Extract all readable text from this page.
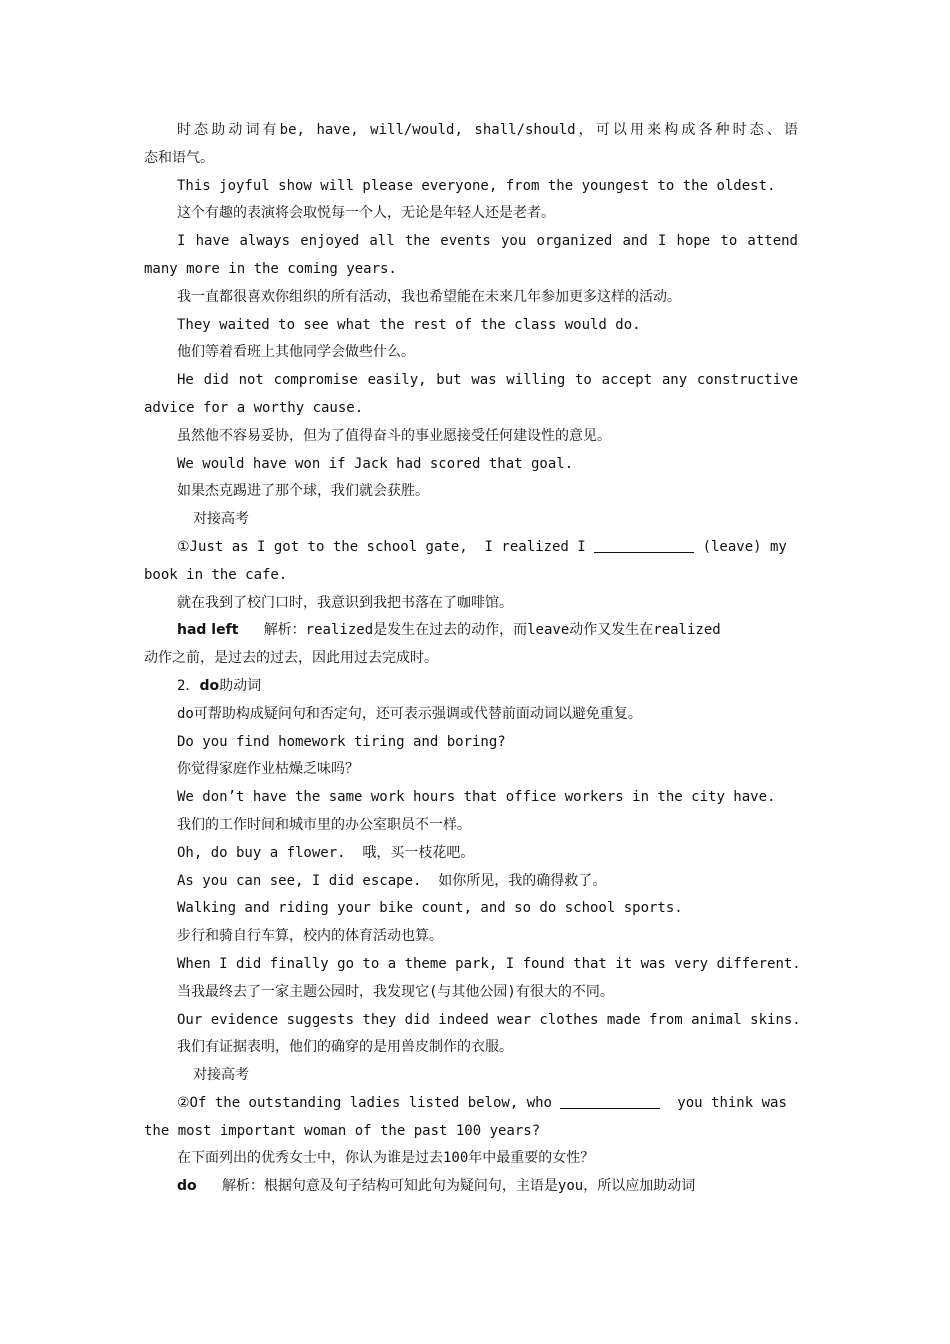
时态助动词有be, have, will/would, shall/should，可以用来构成各种时态、语
态和语气。
This joyful show will please everyone, from the youngest to the oldest.
这个有趣的表演将会取悦每一个人，无论是年轻人还是老者。
I have always enjoyed all the events you organized and I hope to attend
many more in the coming years.
我一直都很喜欢你组织的所有活动，我也希望能在未来几年参加更多这样的活动。
They waited to see what the rest of the class would do.
他们等着看班上其他同学会做些什么。
He did not compromise easily, but was willing to accept any constructive
advice for a worthy cause.
虽然他不容易妥协，但为了值得奋斗的事业愿接受任何建设性的意见。
We would have won if Jack had scored that goal.
如果杰克踢进了那个球，我们就会获胜。
对接高考
①Just as I got to the school gate,  I realized I	(leave) my
book in the cafe.
就在我到了校门口时，我意识到我把书落在了咖啡馆。
had left 解析：realized是发生在过去的动作，而leave动作又发生在realized
动作之前，是过去的过去，因此用过去完成时。
2．do助动词
do可帮助构成疑问句和否定句，还可表示强调或代替前面动词以避免重复。
Do you find homework tiring and boring?
你觉得家庭作业枯燥乏味吗？
We don’t have the same work hours that office workers in the city have.
我们的工作时间和城市里的办公室职员不一样。
Oh, do buy a flower.  哦，买一枝花吧。
As you can see, I did escape.  如你所见，我的确得救了。
Walking and riding your bike count, and so do school sports.
步行和骑自行车算，校内的体育活动也算。
When I did finally go to a theme park, I found that it was very different.
当我最终去了一家主题公园时，我发现它(与其他公园)有很大的不同。
Our evidence suggests they did indeed wear clothes made from animal skins.
我们有证据表明，他们的确穿的是用兽皮制作的衣服。
对接高考
②Of the outstanding ladies listed below, who	you think was
the most important woman of the past 100 years?
在下面列出的优秀女士中，你认为谁是过去100年中最重要的女性？
do 解析：根据句意及句子结构可知此句为疑问句，主语是you，所以应加助动词
